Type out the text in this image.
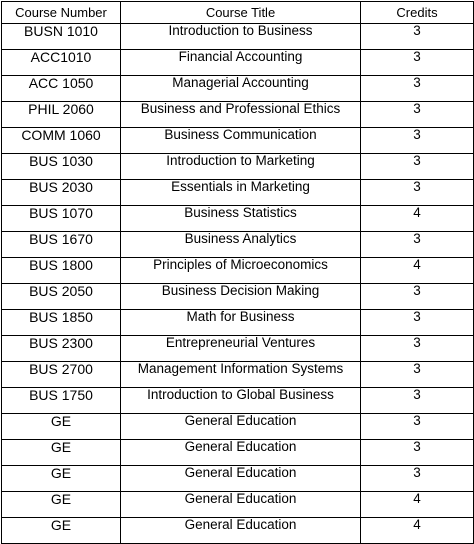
Course Number	Course Title	Credits
BUSN 1010	Introduction to Business	3
ACC1010	Financial Accounting	3
ACC 1050	Managerial Accounting	3
PHIL 2060	Business and Professional Ethics	3
COMM 1060	Business Communication	3
BUS 1030	Introduction to Marketing	3
BUS 2030	Essentials in Marketing	3
BUS 1070	Business Statistics	4
BUS 1670	Business Analytics	3
BUS 1800	Principles of Microeconomics	4
BUS 2050	Business Decision Making	3
BUS 1850	Math for Business	3
BUS 2300	Entrepreneurial Ventures	3
BUS 2700	Management Information Systems	3
BUS 1750	Introduction to Global Business	3
GE	General Education	3
GE	General Education	3
GE	General Education	3
GE	General Education	4
GE	General Education	4
